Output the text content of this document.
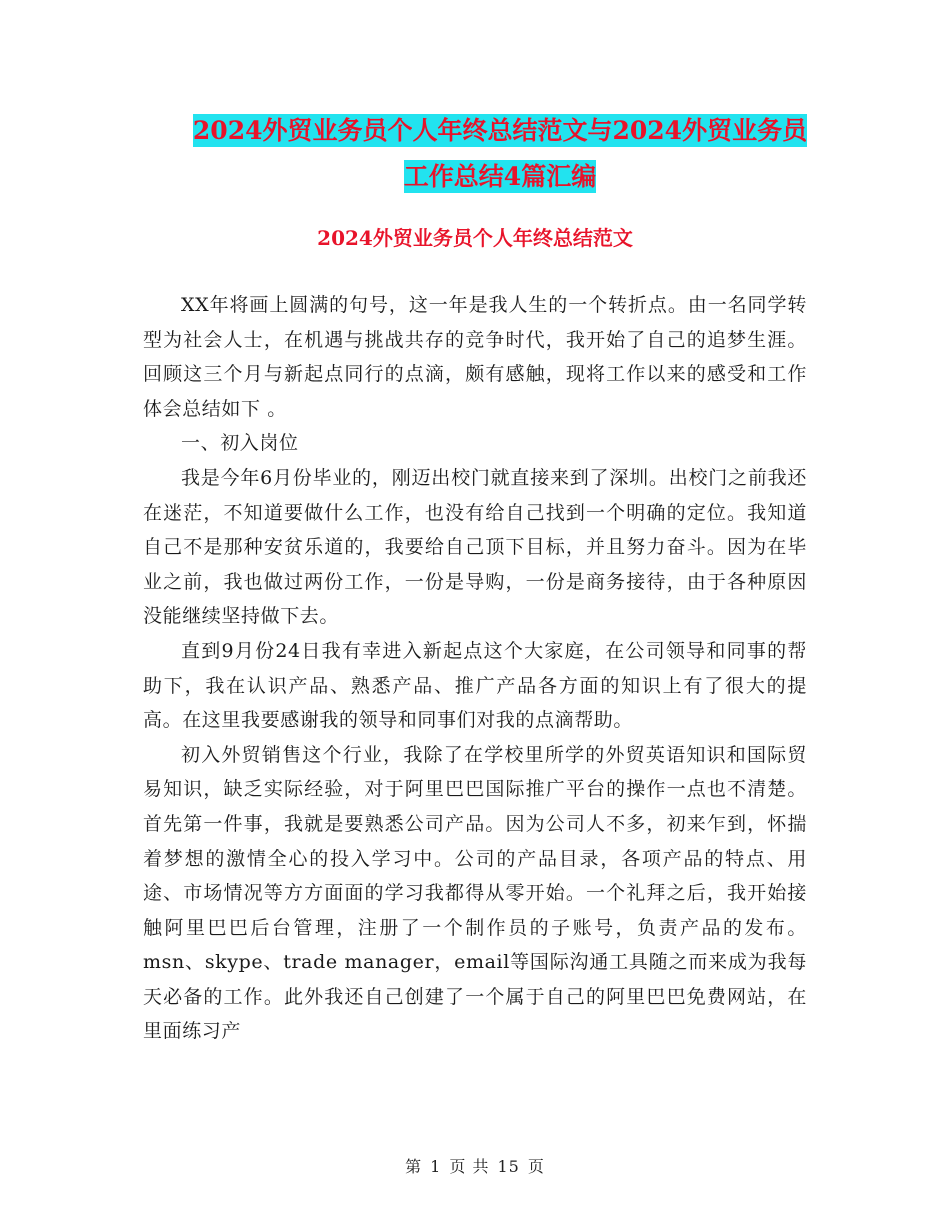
2024外贸业务员个人年终总结范文与2024外贸业务员
工作总结4篇汇编
2024外贸业务员个人年终总结范文

XX年将画上圆满的句号，这一年是我人生的一个转折点。由一名同学转型为社会人士，在机遇与挑战共存的竞争时代，我开始了自己的追梦生涯。回顾这三个月与新起点同行的点滴，颇有感触，现将工作以来的感受和工作体会总结如下 。

一、初入岗位

我是今年6月份毕业的，刚迈出校门就直接来到了深圳。出校门之前我还在迷茫，不知道要做什么工作，也没有给自己找到一个明确的定位。我知道自己不是那种安贫乐道的，我要给自己顶下目标，并且努力奋斗。因为在毕业之前，我也做过两份工作，一份是导购，一份是商务接待，由于各种原因没能继续坚持做下去。

直到9月份24日我有幸进入新起点这个大家庭，在公司领导和同事的帮助下，我在认识产品、熟悉产品、推广产品各方面的知识上有了很大的提高。在这里我要感谢我的领导和同事们对我的点滴帮助。

初入外贸销售这个行业，我除了在学校里所学的外贸英语知识和国际贸易知识，缺乏实际经验，对于阿里巴巴国际推广平台的操作一点也不清楚。首先第一件事，我就是要熟悉公司产品。因为公司人不多，初来乍到，怀揣着梦想的激情全心的投入学习中。公司的产品目录，各项产品的特点、用途、市场情况等方方面面的学习我都得从零开始。一个礼拜之后，我开始接触阿里巴巴后台管理，注册了一个制作员的子账号，负责产品的发布。msn、skype、trade manager，email等国际沟通工具随之而来成为我每天必备的工作。此外我还自己创建了一个属于自己的阿里巴巴免费网站，在里面练习产

第 1 页 共 15 页
